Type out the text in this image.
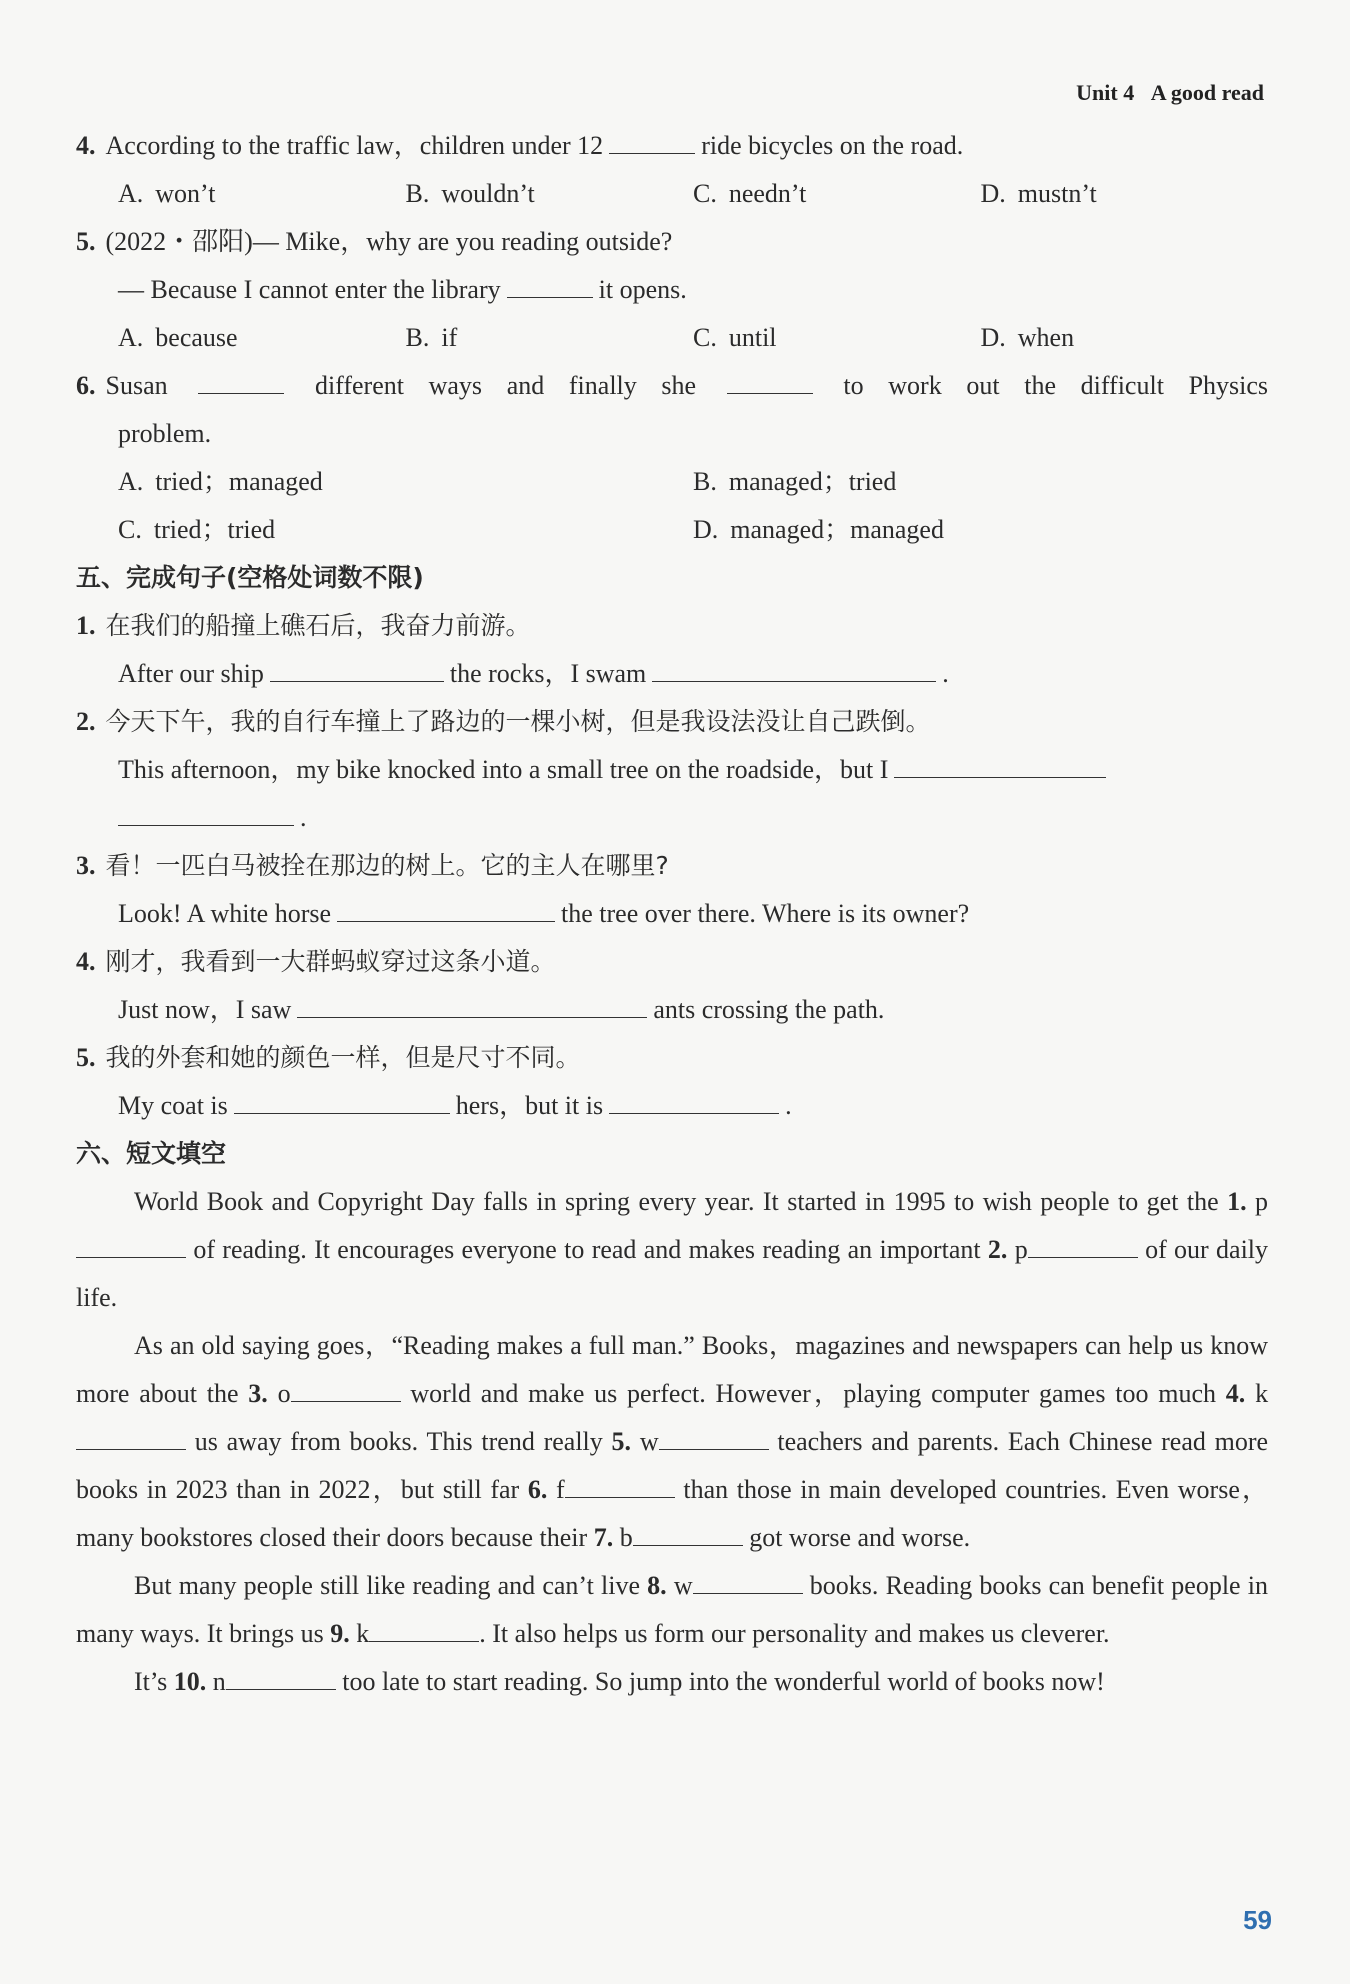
Unit 4 A good read

4. According to the traffic law，children under 12	ride bicycles on the road.

A. won’t	B. wouldn’t	C. needn’t	D. mustn’t

5. (2022・邵阳)— Mike，why are you reading outside?

— Because I cannot enter the library	it opens.

A. because	B. if	C. until	D. when

6. Susan	different ways and finally she	to work out the difficult Physics

problem.

A. tried；managed	B. managed；tried
C. tried；tried	D. managed；managed

五、完成句子(空格处词数不限)

1. 在我们的船撞上礁石后，我奋力前游。

After our ship	the rocks，I swam	.

2. 今天下午，我的自行车撞上了路边的一棵小树，但是我设法没让自己跌倒。

This afternoon，my bike knocked into a small tree on the roadside，but I

.

3. 看！一匹白马被拴在那边的树上。它的主人在哪里?

Look! A white horse	the tree over there. Where is its owner?

4. 刚才，我看到一大群蚂蚁穿过这条小道。

Just now，I saw	ants crossing the path.

5. 我的外套和她的颜色一样，但是尺寸不同。

My coat is	hers，but it is	.

六、短文填空

World Book and Copyright Day falls in spring every year. It started in 1995 to wish people to get the 1. p of reading. It encourages everyone to read and makes reading an important 2. p	of our daily life.

As an old saying goes，“Reading makes a full man.” Books，magazines and newspapers can help us know more about the 3. o	world and make us perfect. However，playing computer games too much 4. k us away from books. This trend really 5. w	teachers and parents. Each Chinese read more books in 2023 than in 2022，but still far 6. f	than those in main developed countries. Even worse，many bookstores closed their doors because their 7. b	got worse and worse.

But many people still like reading and can’t live 8. w	books. Reading books can benefit people in many ways. It brings us 9. k	. It also helps us form our personality and makes us cleverer.

It’s 10. n	too late to start reading. So jump into the wonderful world of books now!

59
